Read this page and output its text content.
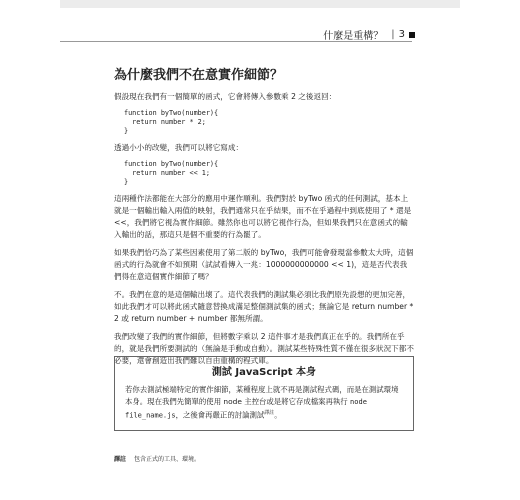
什麼是重構？ | 3
為什麼我們不在意實作細節？

假設現在我們有一個簡單的函式，它會將傳入參數乘 2 之後返回：

function byTwo(number){
return number * 2;
}

透過小小的改變，我們可以將它寫成：

function byTwo(number){
return number << 1;
}

這兩種作法都能在大部分的應用中運作順利。我們對於 byTwo 函式的任何測試，基本上就是一個輸出輸入兩值的映射，我們通常只在乎結果，而不在乎過程中到底使用了 * 還是 <<，我們將它視為實作細節。雖然你也可以將它視作行為，但如果我們只在意函式的輸入輸出的話，那這只是個不重要的行為罷了。

如果我們恰巧為了某些因素使用了第二版的 byTwo，我們可能會發現當參數太大時，這個函式的行為就會不如預期（試試看傳入一兆：1000000000000 << 1)，這是否代表我們得在意這個實作細節了嗎？

不。我們在意的是這個輸出壞了。這代表我們的測試集必須比我們原先設想的更加完善，如此我們才可以將此函式隨意替換成滿足整個測試集的函式；無論它是 return number * 2 或 return number + number 都無所謂。

我們改變了我們的實作細節，但將數字乘以 2 這件事才是我們真正在乎的。我們所在乎的，就是我們所要測試的（無論是手動或自動）。測試某些特殊性質不僅在很多狀況下都不必要，還會創造出我們難以自由重構的程式庫。

測試 JavaScript 本身

若你去測試極端特定的實作細節，某種程度上就不再是測試程式碼，而是在測試環境本身。現在我們先簡單的使用 node 主控台或是將它存成檔案再執行 node file_name.js，之後會再嚴正的討論測試$^{譯註}$。

譯註 包含正式的工具、環境。
